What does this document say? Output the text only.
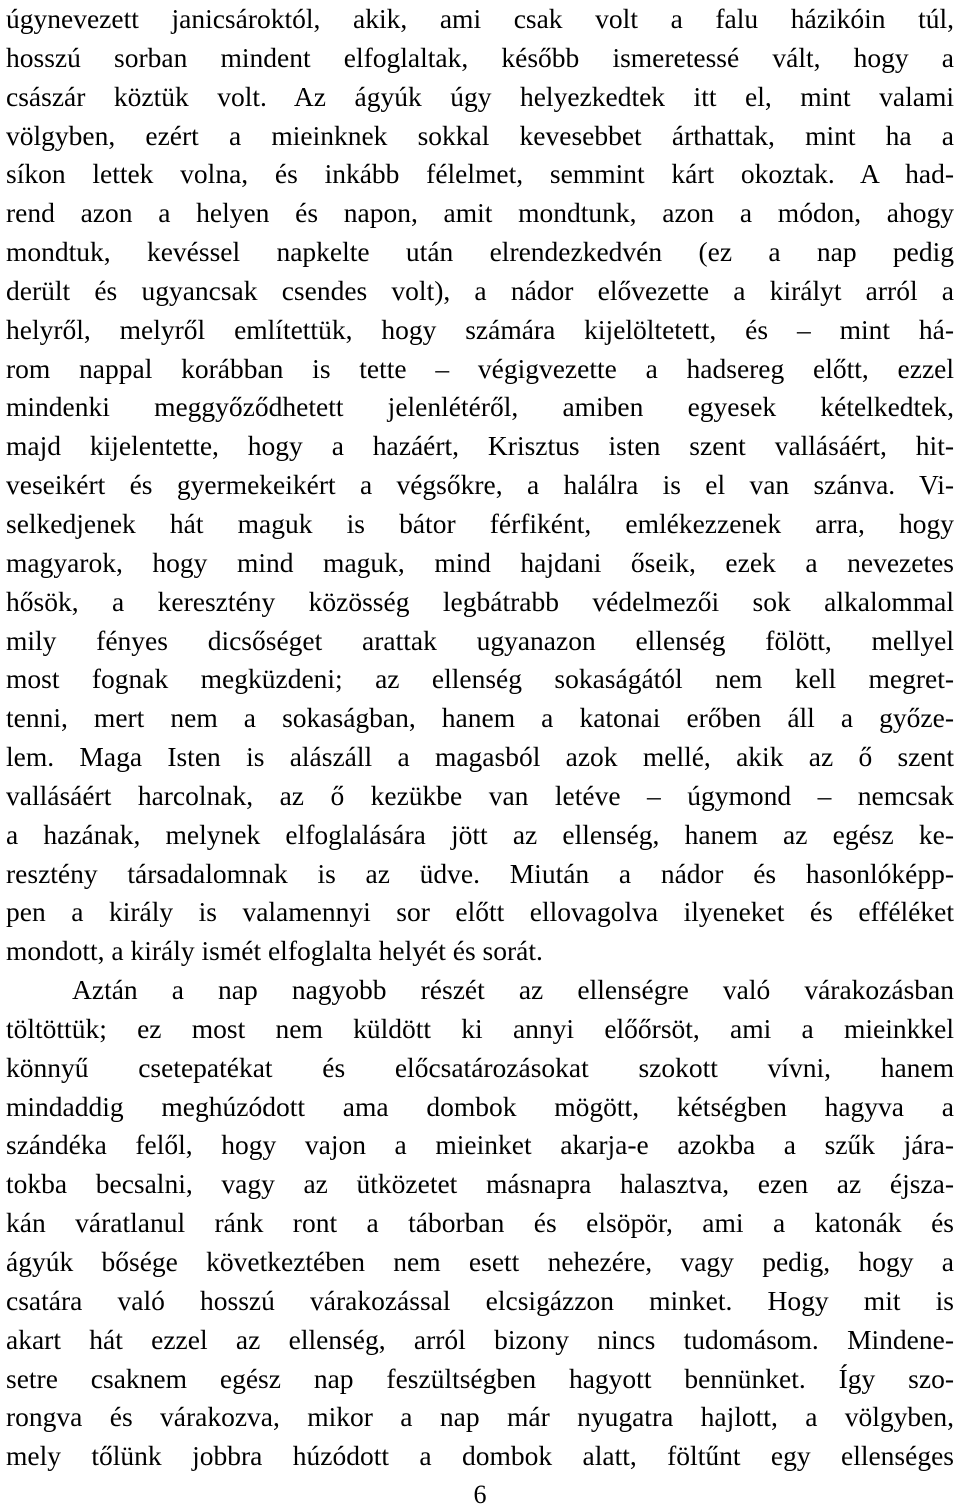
úgynevezett janicsároktól, akik, ami csak volt a falu házikóin túl,
hosszú sorban mindent elfoglaltak, később ismeretessé vált, hogy a
császár köztük volt. Az ágyúk úgy helyezkedtek itt el, mint valami
völgyben, ezért a mieinknek sokkal kevesebbet árthattak, mint ha a
síkon lettek volna, és inkább félelmet, semmint kárt okoztak. A had-
rend azon a helyen és napon, amit mondtunk, azon a módon, ahogy
mondtuk, kevéssel napkelte után elrendezkedvén (ez a nap pedig
derült és ugyancsak csendes volt), a nádor elővezette a királyt arról a
helyről, melyről említettük, hogy számára kijelöltetett, és – mint há-
rom nappal korábban is tette – végigvezette a hadsereg előtt, ezzel
mindenki meggyőződhetett jelenlétéről, amiben egyesek kételkedtek,
majd kijelentette, hogy a hazáért, Krisztus isten szent vallásáért, hit-
veseikért és gyermekeikért a végsőkre, a halálra is el van szánva. Vi-
selkedjenek hát maguk is bátor férfiként, emlékezzenek arra, hogy
magyarok, hogy mind maguk, mind hajdani őseik, ezek a nevezetes
hősök, a keresztény közösség legbátrabb védelmezői sok alkalommal
mily fényes dicsőséget arattak ugyanazon ellenség fölött, mellyel
most fognak megküzdeni; az ellenség sokaságától nem kell megret-
tenni, mert nem a sokaságban, hanem a katonai erőben áll a győze-
lem. Maga Isten is alászáll a magasból azok mellé, akik az ő szent
vallásáért harcolnak, az ő kezükbe van letéve – úgymond – nemcsak
a hazának, melynek elfoglalására jött az ellenség, hanem az egész ke-
resztény társadalomnak is az üdve. Miután a nádor és hasonlóképp-
pen a király is valamennyi sor előtt ellovagolva ilyeneket és efféléket
mondott, a király ismét elfoglalta helyét és sorát.
Aztán a nap nagyobb részét az ellenségre való várakozásban
töltöttük; ez most nem küldött ki annyi előőrsöt, ami a mieinkkel
könnyű csetepatékat és előcsatározásokat szokott vívni, hanem
mindaddig meghúzódott ama dombok mögött, kétségben hagyva a
szándéka felől, hogy vajon a mieinket akarja-e azokba a szűk jára-
tokba becsalni, vagy az ütközetet másnapra halasztva, ezen az éjsza-
kán váratlanul ránk ront a táborban és elsöpör, ami a katonák és
ágyúk bősége következtében nem esett nehezére, vagy pedig, hogy a
csatára való hosszú várakozással elcsigázzon minket. Hogy mit is
akart hát ezzel az ellenség, arról bizony nincs tudomásom. Mindene-
setre csaknem egész nap feszültségben hagyott bennünket. Így szo-
rongva és várakozva, mikor a nap már nyugatra hajlott, a völgyben,
mely tőlünk jobbra húzódott a dombok alatt, föltűnt egy ellenséges
6
